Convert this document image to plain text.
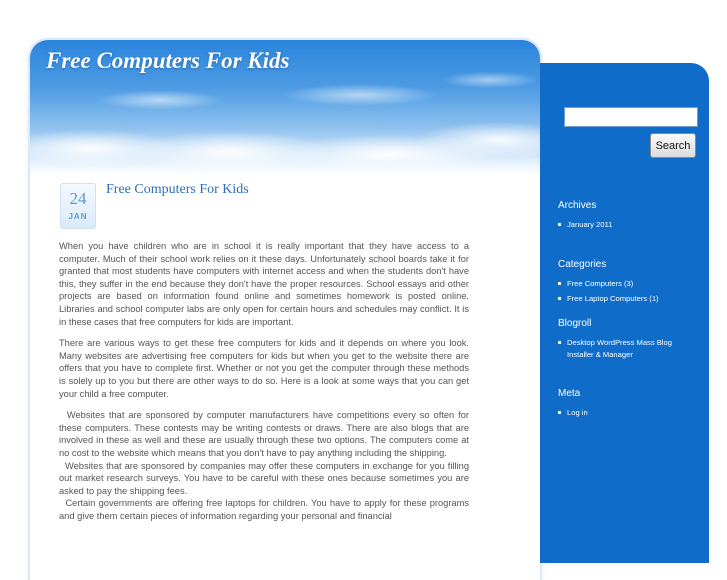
Free Computers For Kids
24
JAN
Free Computers For Kids

When you have children who are in school it is really important that they have access to a computer. Much of their school work relies on it these days. Unfortunately school boards take it for granted that most students have computers with internet access and when the students don't have this, they suffer in the end because they don't have the proper resources. School essays and other projects are based on information found online and sometimes homework is posted online. Libraries and school computer labs are only open for certain hours and schedules may conflict. It is in these cases that free computers for kids are important.

There are various ways to get these free computers for kids and it depends on where you look. Many websites are advertising free computers for kids but when you get to the website there are offers that you have to complete first. Whether or not you get the computer through these methods is solely up to you but there are other ways to do so. Here is a look at some ways that you can get your child a free computer.

Websites that are sponsored by computer manufacturers have competitions every so often for these computers. These contests may be writing contests or draws. There are also blogs that are involved in these as well and these are usually through these two options. The computers come at no cost to the website which means that you don't have to pay anything including the shipping.

Websites that are sponsored by companies may offer these computers in exchange for you filling out market research surveys. You have to be careful with these ones because sometimes you are asked to pay the shipping fees.

Certain governments are offering free laptops for children. You have to apply for these programs and give them certain pieces of information regarding your personal and financial

Search
Archives
January 2011
Categories
Free Computers (3)
Free Laptop Computers (1)
Blogroll
Desktop WordPress Mass Blog Installer & Manager
Meta
Log in
